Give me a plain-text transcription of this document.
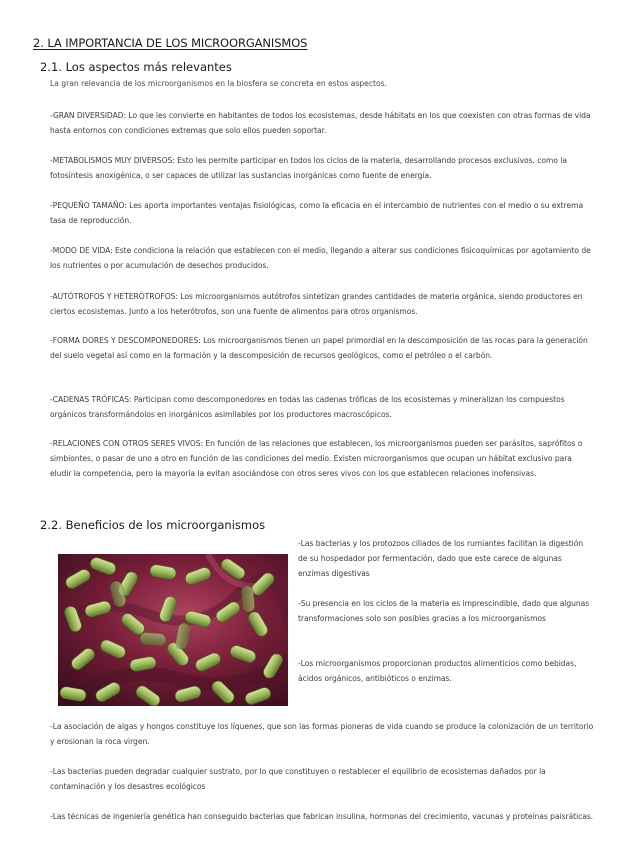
2. LA IMPORTANCIA DE LOS MICROORGANISMOS
2.1. Los aspectos más relevantes
La gran relevancia de los microorganismos en la biosfera se concreta en estos aspectos.

-GRAN DIVERSIDAD: Lo que les convierte en habitantes de todos los ecosistemas, desde hábitats en los que coexisten con otras formas de vida hasta entornos con condiciones extremas que solo ellos pueden soportar.

-METABOLISMOS MUY DIVERSOS: Esto les permite participar en todos los ciclos de la materia, desarrollando procesos exclusivos, como la fotosíntesis anoxigénica, o ser capaces de utilizar las sustancias inorgánicas como fuente de energía.

-PEQUEÑO TAMAÑO: Les aporta importantes ventajas fisiológicas, como la eficacia en el intercambio de nutrientes con el medio o su extrema tasa de reproducción.

-MODO DE VIDA: Este condiciona la relación que establecen con el medio, llegando a alterar sus condiciones fisicoquímicas por agotamiento de los nutrientes o por acumulación de desechos producidos.

-AUTÓTROFOS Y HETERÓTROFOS: Los microorganismos autótrofos sintetizan grandes cantidades de materia orgánica, siendo productores en ciertos ecosistemas. Junto a los heterótrofos, son una fuente de alimentos para otros organismos.

-FORMA DORES Y DESCOMPONEDORES: Los microorganismos tienen un papel primordial en la descomposición de las rocas para la generación del suelo vegetal así como en la formación y la descomposición de recursos geológicos, como el petróleo o el carbón.

-CADENAS TRÓFICAS: Participan como descomponedores en todas las cadenas tróficas de los ecosistemas y mineralizan los compuestos orgánicos transformándolos en inorgánicos asimilables por los productores macroscópicos.

-RELACIONES CON OTROS SERES VIVOS: En función de las relaciones que establecen, los microorganismos pueden ser parásitos, saprófitos o simbiontes, o pasar de uno a otro en función de las condiciones del medio. Existen microorganismos que ocupan un hábitat exclusivo para eludir la competencia, pero la mayoría la evitan asociándose con otros seres vivos con los que establecen relaciones inofensivas.

2.2. Beneficios de los microorganismos

-Las bacterias y los protozoos ciliados de los rumiantes facilitan la digestión de su hospedador por fermentación, dado que este carece de algunas enzimas digestivas

-Su presencia en los ciclos de la materia es imprescindible, dado que algunas transformaciones solo son posibles gracias a los microorganismos

-Los microorganismos proporcionan productos alimenticios como bebidas, ácidos orgánicos, antibióticos o enzimas.

-La asociación de algas y hongos constituye los líquenes, que son las formas pioneras de vida cuando se produce la colonización de un territorio y erosionan la roca virgen.

-Las bacterias pueden degradar cualquier sustrato, por lo que constituyen o restablecer el equilibrio de ecosistemas dañados por la contaminación y los desastres ecológicos

-Las técnicas de ingeniería genética han conseguido bacterias que fabrican insulina, hormonas del crecimiento, vacunas y proteínas paisráticas.
